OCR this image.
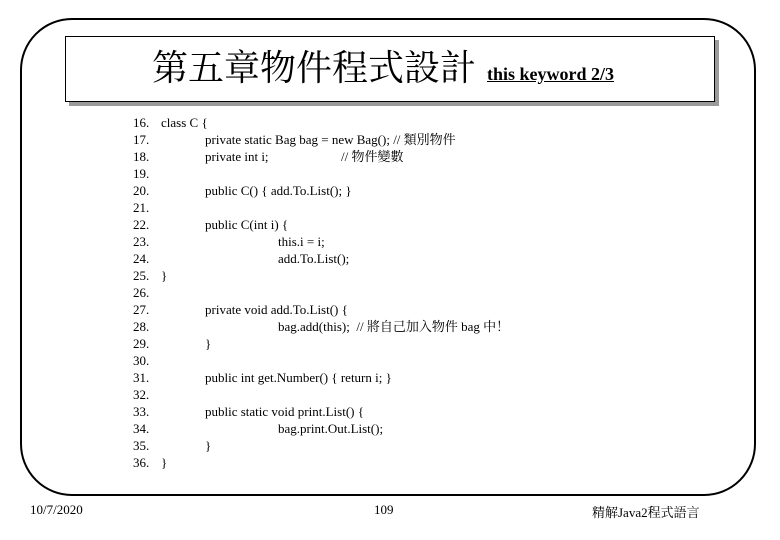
第五章物件程式設計 this keyword 2/3
16. class C {
17.	private static Bag bag = new Bag(); // 類別物件
18.	private int i;	// 物件變數
19.
20.	public C() { add.To.List(); }
21.
22.	public C(int i) {
23.	this.i = i;
24.	add.To.List();
25. }
26.
27.	private void add.To.List() {
28.	bag.add(this);  // 將自己加入物件 bag 中！
29.	}
30.
31.	public int get.Number() { return i; }
32.
33.	public static void print.List() {
34.	bag.print.Out.List();
35.	}
36. }
10/7/2020	109	精解Java2程式語言
